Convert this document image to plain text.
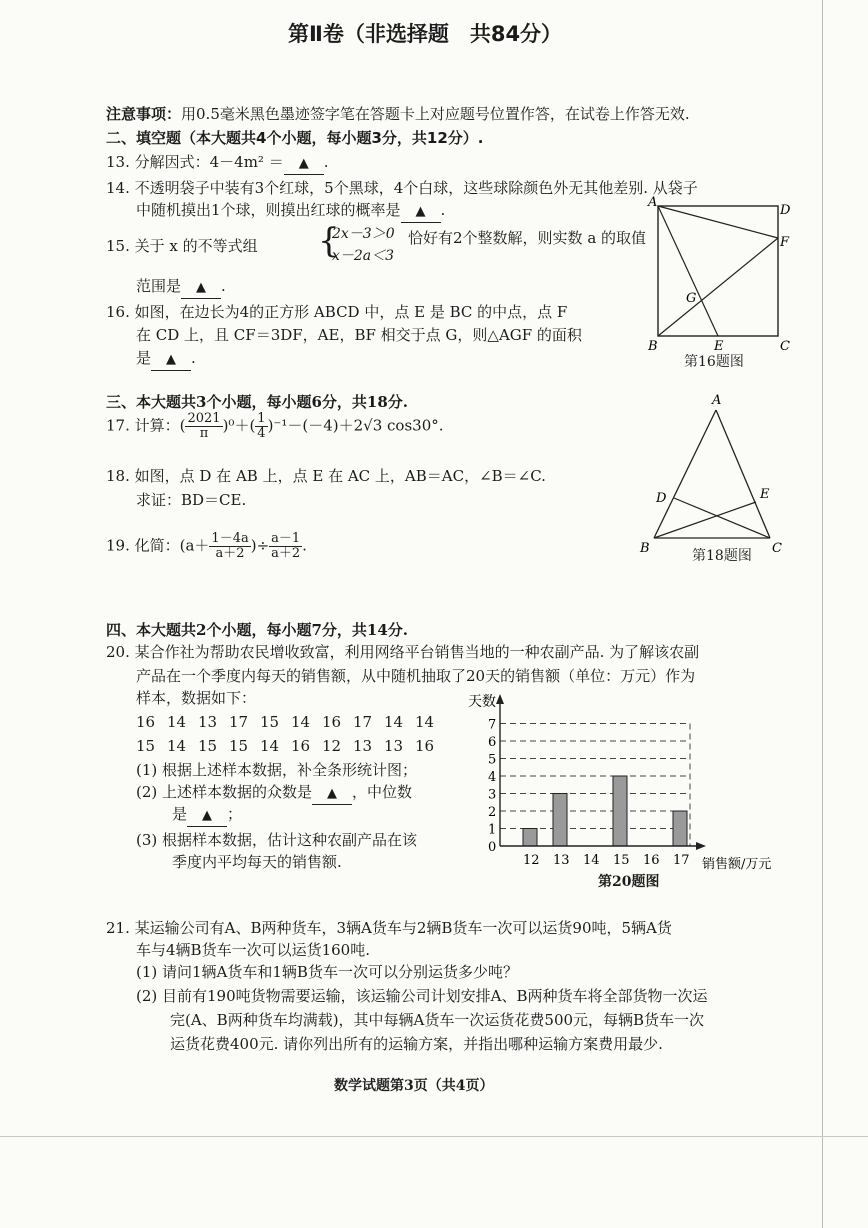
第Ⅱ卷（非选择题　共84分）
注意事项：用0.5毫米黑色墨迹签字笔在答题卡上对应题号位置作答，在试卷上作答无效.
二、填空题（本大题共4个小题，每小题3分，共12分）.
13. 分解因式：4－4m² ＝ ▲ .
14. 不透明袋子中装有3个红球，5个黑球，4个白球，这些球除颜色外无其他差别. 从袋子
中随机摸出1个球，则摸出红球的概率是 ▲ .
15. 关于 x 的不等式组 {
2x－3＞0
x－2a＜3
恰好有2个整数解，则实数 a 的取值
范围是 ▲ .
16. 如图，在边长为4的正方形 ABCD 中，点 E 是 BC 的中点，点 F
在 CD 上，且 CF＝3DF，AE，BF 相交于点 G，则△AGF 的面积
是 ▲ .
A
D
F
G
B	E	C
第16题图
三、本大题共3个小题，每小题6分，共18分.
17. 计算：( $\frac{2021}{\pi} )^0+( \frac{1}{4} )^{-1}-(-4)+2√3$ cos30°.
18. 如图，点 D 在 AB 上，点 E 在 AC 上，AB＝AC，∠B＝∠C.
求证：BD＝CE.
19. 化简：($a+ \frac{1-4a}{a+2}$ )÷ $\frac{a-1}{a+2}$ .
A
D	E
B	C
第18题图
四、本大题共2个小题，每小题7分，共14分.
20. 某合作社为帮助农民增收致富，利用网络平台销售当地的一种农副产品. 为了解该农副
产品在一个季度内每天的销售额，从中随机抽取了20天的销售额（单位：万元）作为
样本，数据如下：
16 14 13 17 15 14 16 17 14 14
15 14 15 15 14 16 12 13 13 16
(1) 根据上述样本数据，补全条形统计图；
(2) 上述样本数据的众数是 ▲ ，中位数
是 ▲ ；
(3) 根据样本数据，估计这种农副产品在该
季度内平均每天的销售额.
0
1
2
3
4
5
6
7
12 13 14 15 16 17
天数
销售额/万元
第20题图
21. 某运输公司有A、B两种货车，3辆A货车与2辆B货车一次可以运货90吨，5辆A货
车与4辆B货车一次可以运货160吨.
(1) 请问1辆A货车和1辆B货车一次可以分别运货多少吨？
(2) 目前有190吨货物需要运输，该运输公司计划安排A、B两种货车将全部货物一次运
完(A、B两种货车均满载)，其中每辆A货车一次运货花费500元，每辆B货车一次
运货花费400元. 请你列出所有的运输方案，并指出哪种运输方案费用最少.
数学试题第3页（共4页）
